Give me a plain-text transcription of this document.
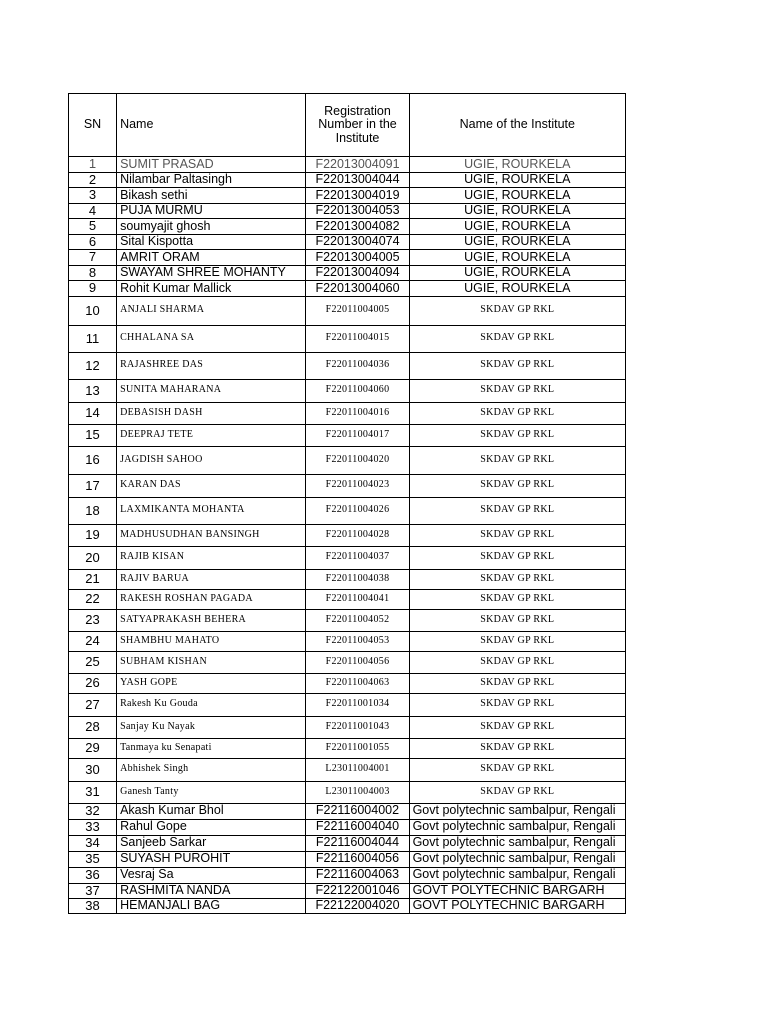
SN	Name	Registration Number in the Institute	Name of the Institute
1	SUMIT PRASAD	F22013004091	UGIE, ROURKELA
2	Nilambar Paltasingh	F22013004044	UGIE, ROURKELA
3	Bikash sethi	F22013004019	UGIE, ROURKELA
4	PUJA MURMU	F22013004053	UGIE, ROURKELA
5	soumyajit ghosh	F22013004082	UGIE, ROURKELA
6	Sital Kispotta	F22013004074	UGIE, ROURKELA
7	AMRIT ORAM	F22013004005	UGIE, ROURKELA
8	SWAYAM SHREE MOHANTY	F22013004094	UGIE, ROURKELA
9	Rohit Kumar Mallick	F22013004060	UGIE, ROURKELA
10	ANJALI SHARMA	F22011004005	SKDAV GP RKL
11	CHHALANA SA	F22011004015	SKDAV GP RKL
12	RAJASHREE DAS	F22011004036	SKDAV GP RKL
13	SUNITA MAHARANA	F22011004060	SKDAV GP RKL
14	DEBASISH DASH	F22011004016	SKDAV GP RKL
15	DEEPRAJ TETE	F22011004017	SKDAV GP RKL
16	JAGDISH SAHOO	F22011004020	SKDAV GP RKL
17	KARAN DAS	F22011004023	SKDAV GP RKL
18	LAXMIKANTA MOHANTA	F22011004026	SKDAV GP RKL
19	MADHUSUDHAN BANSINGH	F22011004028	SKDAV GP RKL
20	RAJIB KISAN	F22011004037	SKDAV GP RKL
21	RAJIV BARUA	F22011004038	SKDAV GP RKL
22	RAKESH ROSHAN PAGADA	F22011004041	SKDAV GP RKL
23	SATYAPRAKASH BEHERA	F22011004052	SKDAV GP RKL
24	SHAMBHU MAHATO	F22011004053	SKDAV GP RKL
25	SUBHAM KISHAN	F22011004056	SKDAV GP RKL
26	YASH GOPE	F22011004063	SKDAV GP RKL
27	Rakesh Ku Gouda	F22011001034	SKDAV GP RKL
28	Sanjay Ku Nayak	F22011001043	SKDAV GP RKL
29	Tanmaya ku Senapati	F22011001055	SKDAV GP RKL
30	Abhishek Singh	L23011004001	SKDAV GP RKL
31	Ganesh Tanty	L23011004003	SKDAV GP RKL
32	Akash Kumar Bhol	F22116004002	Govt polytechnic sambalpur, Rengali
33	Rahul Gope	F22116004040	Govt polytechnic sambalpur, Rengali
34	Sanjeeb Sarkar	F22116004044	Govt polytechnic sambalpur, Rengali
35	SUYASH PUROHIT	F22116004056	Govt polytechnic sambalpur, Rengali
36	Vesraj Sa	F22116004063	Govt polytechnic sambalpur, Rengali
37	RASHMITA NANDA	F22122001046	GOVT POLYTECHNIC BARGARH
38	HEMANJALI BAG	F22122004020	GOVT POLYTECHNIC BARGARH
